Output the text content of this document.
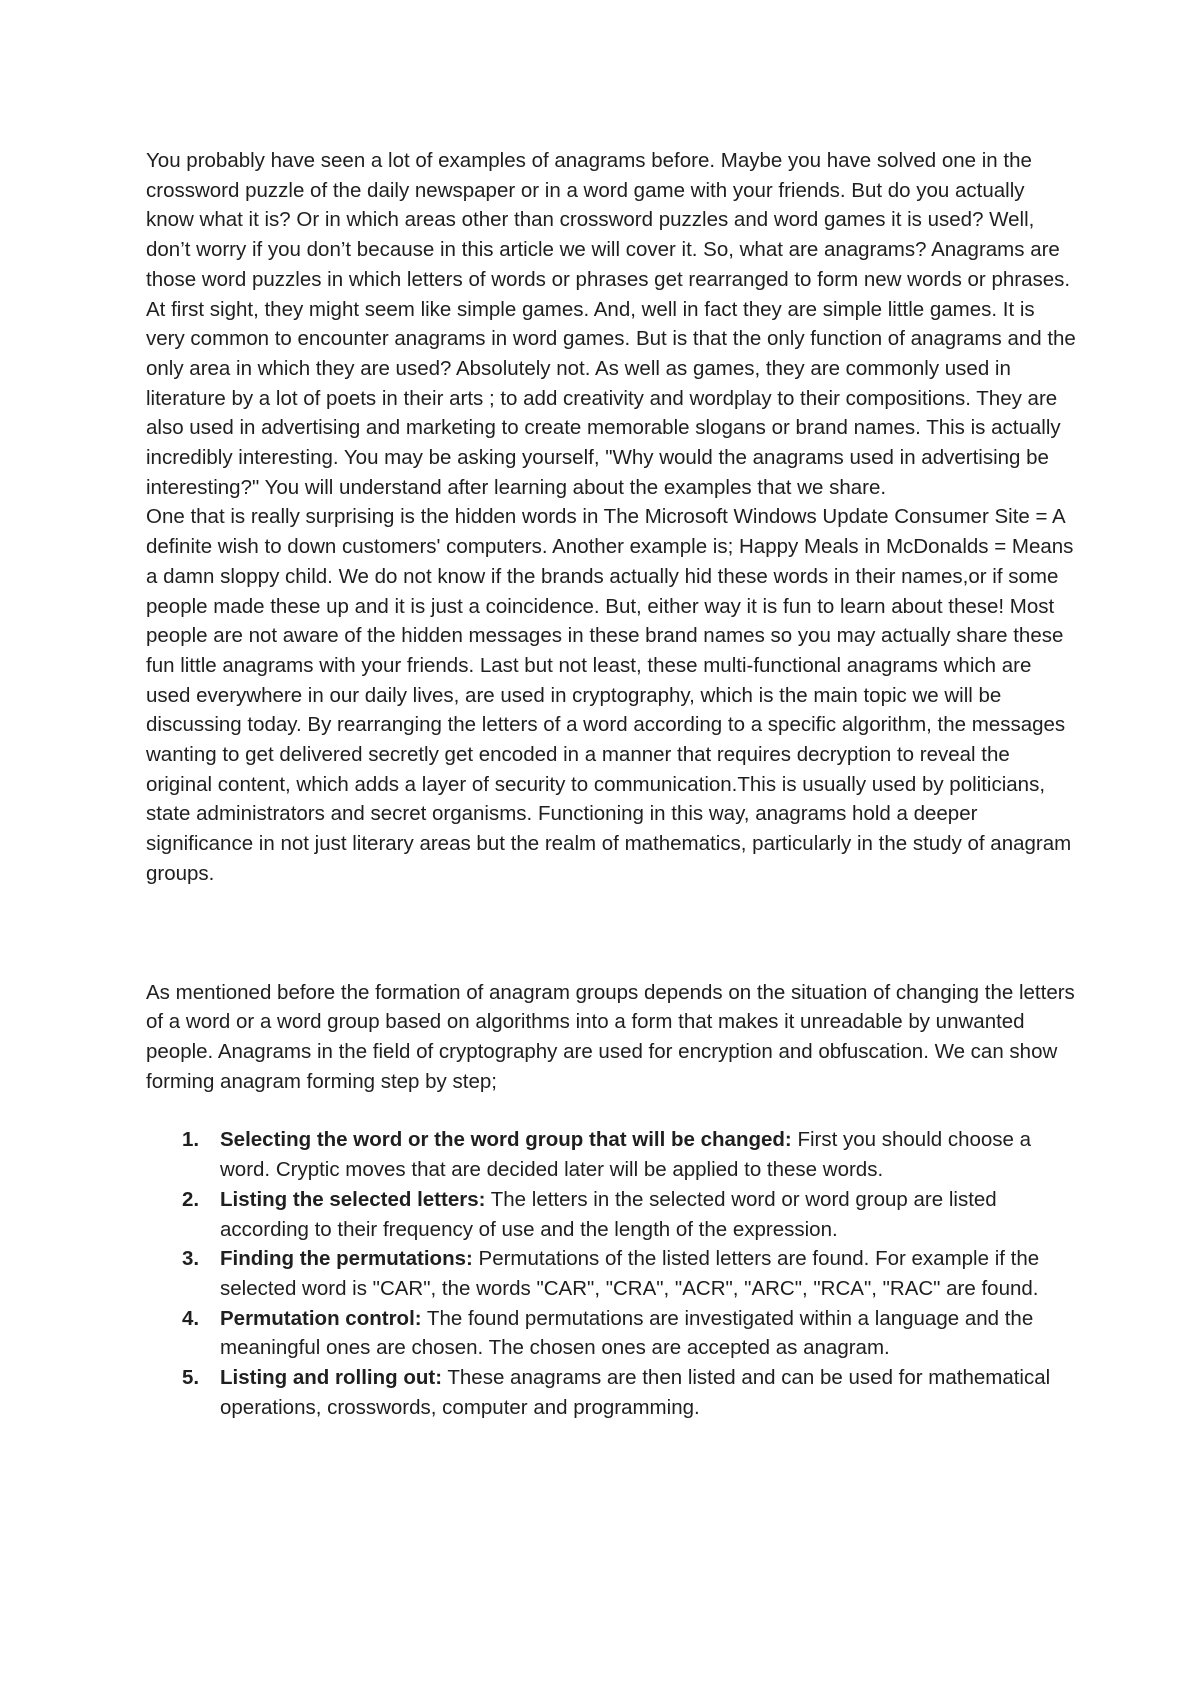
You probably have seen a lot of examples of anagrams before. Maybe you have solved one in the crossword puzzle of the daily newspaper or in a word game with your friends. But do you actually know what it is? Or in which areas other than crossword puzzles and word games it is used? Well, don’t worry if you don’t because in this article we will cover it. So, what are anagrams? Anagrams are those word puzzles in which letters of words or phrases get rearranged to form new words or phrases. At first sight, they might seem like simple games. And, well in fact they are simple little games. It is very common to encounter anagrams in word games. But is that the only function of anagrams and the only area in which they are used? Absolutely not. As well as games, they are commonly used in literature by a lot of poets in their arts ; to add creativity and wordplay to their compositions. They are also used in advertising and marketing to create memorable slogans or brand names. This is actually incredibly interesting. You may be asking yourself, "Why would the anagrams used in advertising be interesting?" You will understand after learning about the examples that we share.

One that is really surprising is the hidden words in The Microsoft Windows Update Consumer Site = A definite wish to down customers' computers. Another example is; Happy Meals in McDonalds = Means a damn sloppy child. We do not know if the brands actually hid these words in their names,or if some people made these up and it is just a coincidence. But, either way it is fun to learn about these! Most people are not aware of the hidden messages in these brand names so you may actually share these fun little anagrams with your friends. Last but not least, these multi-functional anagrams which are used everywhere in our daily lives, are used in cryptography, which is the main topic we will be discussing today. By rearranging the letters of a word according to a specific algorithm, the messages wanting to get delivered secretly get encoded in a manner that requires decryption to reveal the original content, which adds a layer of security to communication.This is usually used by politicians, state administrators and secret organisms. Functioning in this way, anagrams hold a deeper significance in not just literary areas but the realm of mathematics, particularly in the study of anagram groups.

As mentioned before the formation of anagram groups depends on the situation of changing the letters of a word or a word group based on algorithms into a form that makes it unreadable by unwanted people. Anagrams in the field of cryptography are used for encryption and obfuscation. We can show forming anagram forming step by step;

1. Selecting the word or the word group that will be changed: First you should choose a word. Cryptic moves that are decided later will be applied to these words.
2. Listing the selected letters: The letters in the selected word or word group are listed according to their frequency of use and the length of the expression.
3. Finding the permutations: Permutations of the listed letters are found. For example if the selected word is "CAR", the words "CAR", "CRA", "ACR", "ARC", "RCA", "RAC" are found.
4. Permutation control: The found permutations are investigated within a language and the meaningful ones are chosen. The chosen ones are accepted as anagram.
5. Listing and rolling out: These anagrams are then listed and can be used for mathematical operations, crosswords, computer and programming.
